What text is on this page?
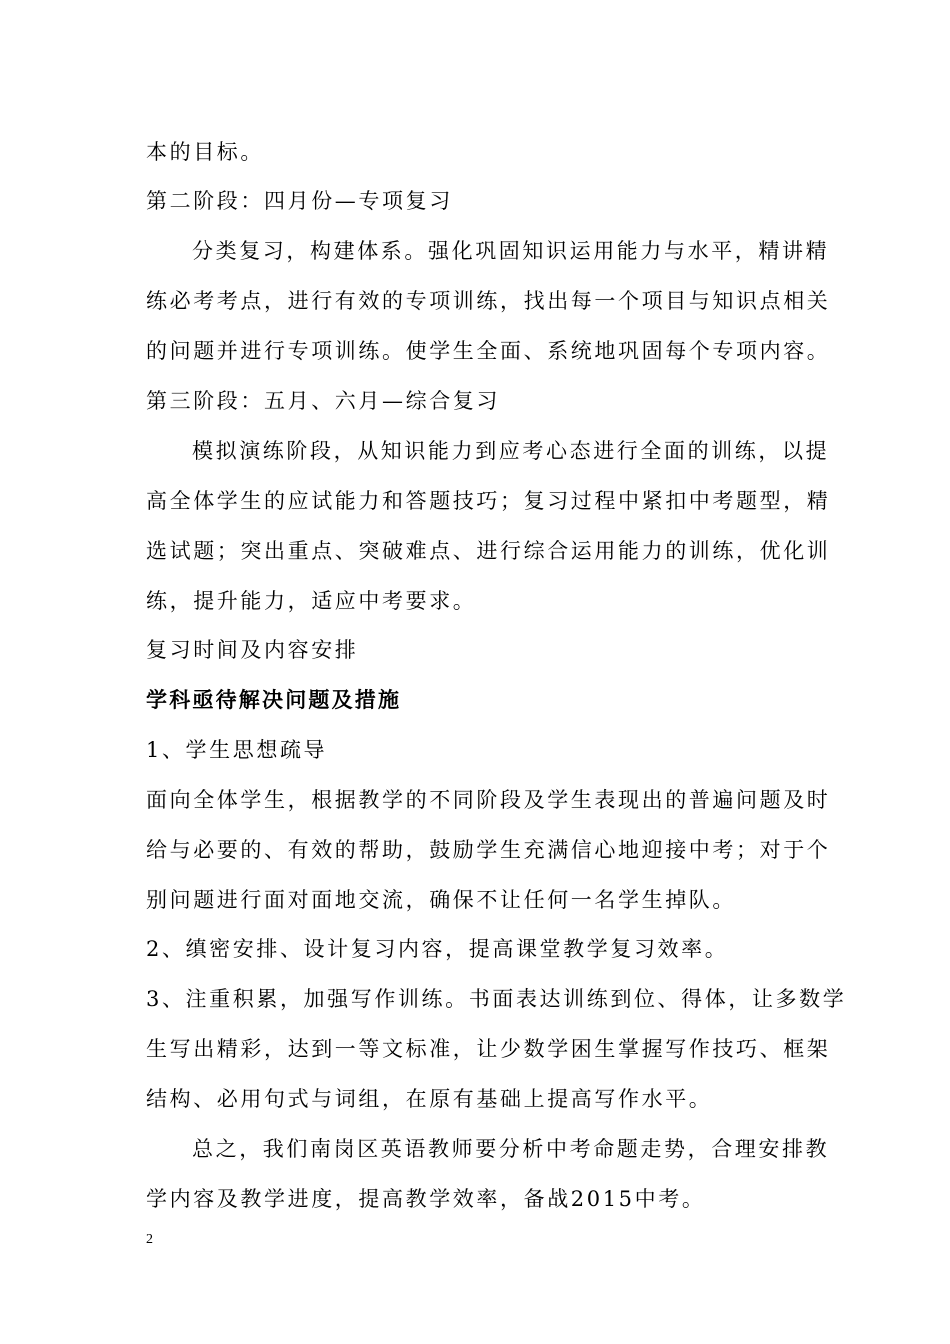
本的目标。
第二阶段：四月份—专项复习
分类复习，构建体系。强化巩固知识运用能力与水平，精讲精
练必考考点，进行有效的专项训练，找出每一个项目与知识点相关
的问题并进行专项训练。使学生全面、系统地巩固每个专项内容。
第三阶段：五月、六月—综合复习
模拟演练阶段，从知识能力到应考心态进行全面的训练，以提
高全体学生的应试能力和答题技巧；复习过程中紧扣中考题型，精
选试题；突出重点、突破难点、进行综合运用能力的训练，优化训
练，提升能力，适应中考要求。
复习时间及内容安排
学科亟待解决问题及措施
1、学生思想疏导
面向全体学生，根据教学的不同阶段及学生表现出的普遍问题及时
给与必要的、有效的帮助，鼓励学生充满信心地迎接中考；对于个
别问题进行面对面地交流，确保不让任何一名学生掉队。
2、缜密安排、设计复习内容，提高课堂教学复习效率。
3、注重积累，加强写作训练。书面表达训练到位、得体，让多数学
生写出精彩，达到一等文标准，让少数学困生掌握写作技巧、框架
结构、必用句式与词组，在原有基础上提高写作水平。
总之，我们南岗区英语教师要分析中考命题走势，合理安排教
学内容及教学进度，提高教学效率，备战2015中考。
2
